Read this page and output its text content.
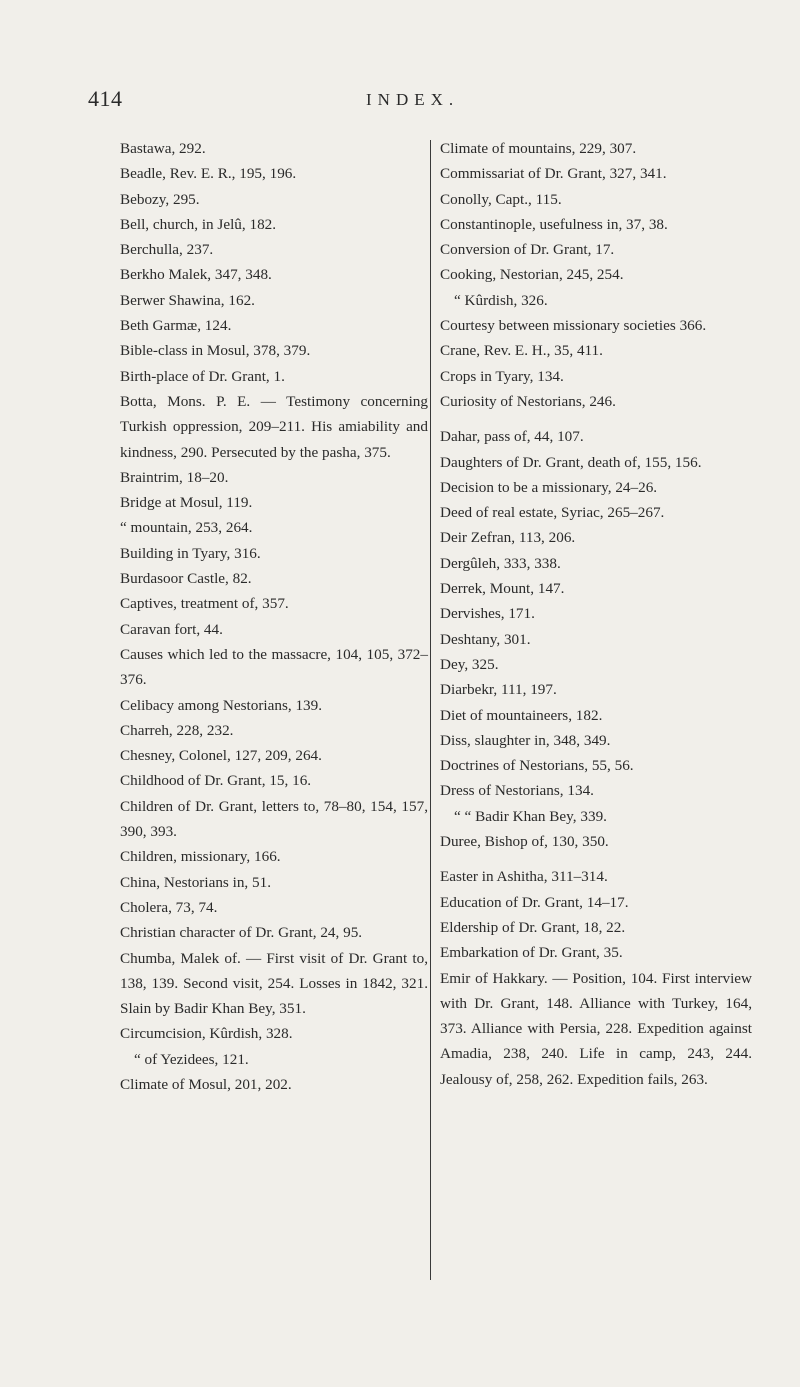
414	INDEX.

Bastawa, 292.

Beadle, Rev. E. R., 195, 196.

Bebozy, 295.

Bell, church, in Jelû, 182.

Berchulla, 237.

Berkho Malek, 347, 348.

Berwer Shawina, 162.

Beth Garmæ, 124.

Bible-class in Mosul, 378, 379.

Birth-place of Dr. Grant, 1.

Botta, Mons. P. E. — Testimony concerning Turkish oppression, 209–211. His amiability and kindness, 290. Persecuted by the pasha, 375.

Braintrim, 18–20.

Bridge at Mosul, 119.

“ mountain, 253, 264.

Building in Tyary, 316.

Burdasoor Castle, 82.

Captives, treatment of, 357.

Caravan fort, 44.

Causes which led to the massacre, 104, 105, 372–376.

Celibacy among Nestorians, 139.

Charreh, 228, 232.

Chesney, Colonel, 127, 209, 264.

Childhood of Dr. Grant, 15, 16.

Children of Dr. Grant, letters to, 78–80, 154, 157, 390, 393.

Children, missionary, 166.

China, Nestorians in, 51.

Cholera, 73, 74.

Christian character of Dr. Grant, 24, 95.

Chumba, Malek of. — First visit of Dr. Grant to, 138, 139. Second visit, 254. Losses in 1842, 321. Slain by Badir Khan Bey, 351.

Circumcision, Kûrdish, 328.

“ of Yezidees, 121.

Climate of Mosul, 201, 202.

Climate of mountains, 229, 307.

Commissariat of Dr. Grant, 327, 341.

Conolly, Capt., 115.

Constantinople, usefulness in, 37, 38.

Conversion of Dr. Grant, 17.

Cooking, Nestorian, 245, 254.

“ Kûrdish, 326.

Courtesy between missionary societies 366.

Crane, Rev. E. H., 35, 411.

Crops in Tyary, 134.

Curiosity of Nestorians, 246.

Dahar, pass of, 44, 107.

Daughters of Dr. Grant, death of, 155, 156.

Decision to be a missionary, 24–26.

Deed of real estate, Syriac, 265–267.

Deir Zefran, 113, 206.

Dergûleh, 333, 338.

Derrek, Mount, 147.

Dervishes, 171.

Deshtany, 301.

Dey, 325.

Diarbekr, 111, 197.

Diet of mountaineers, 182.

Diss, slaughter in, 348, 349.

Doctrines of Nestorians, 55, 56.

Dress of Nestorians, 134.

“ “ Badir Khan Bey, 339.

Duree, Bishop of, 130, 350.

Easter in Ashitha, 311–314.

Education of Dr. Grant, 14–17.

Eldership of Dr. Grant, 18, 22.

Embarkation of Dr. Grant, 35.

Emir of Hakkary. — Position, 104. First interview with Dr. Grant, 148. Alliance with Turkey, 164, 373. Alliance with Persia, 228. Expedition against Amadia, 238, 240. Life in camp, 243, 244. Jealousy of, 258, 262. Expedition fails, 263.
